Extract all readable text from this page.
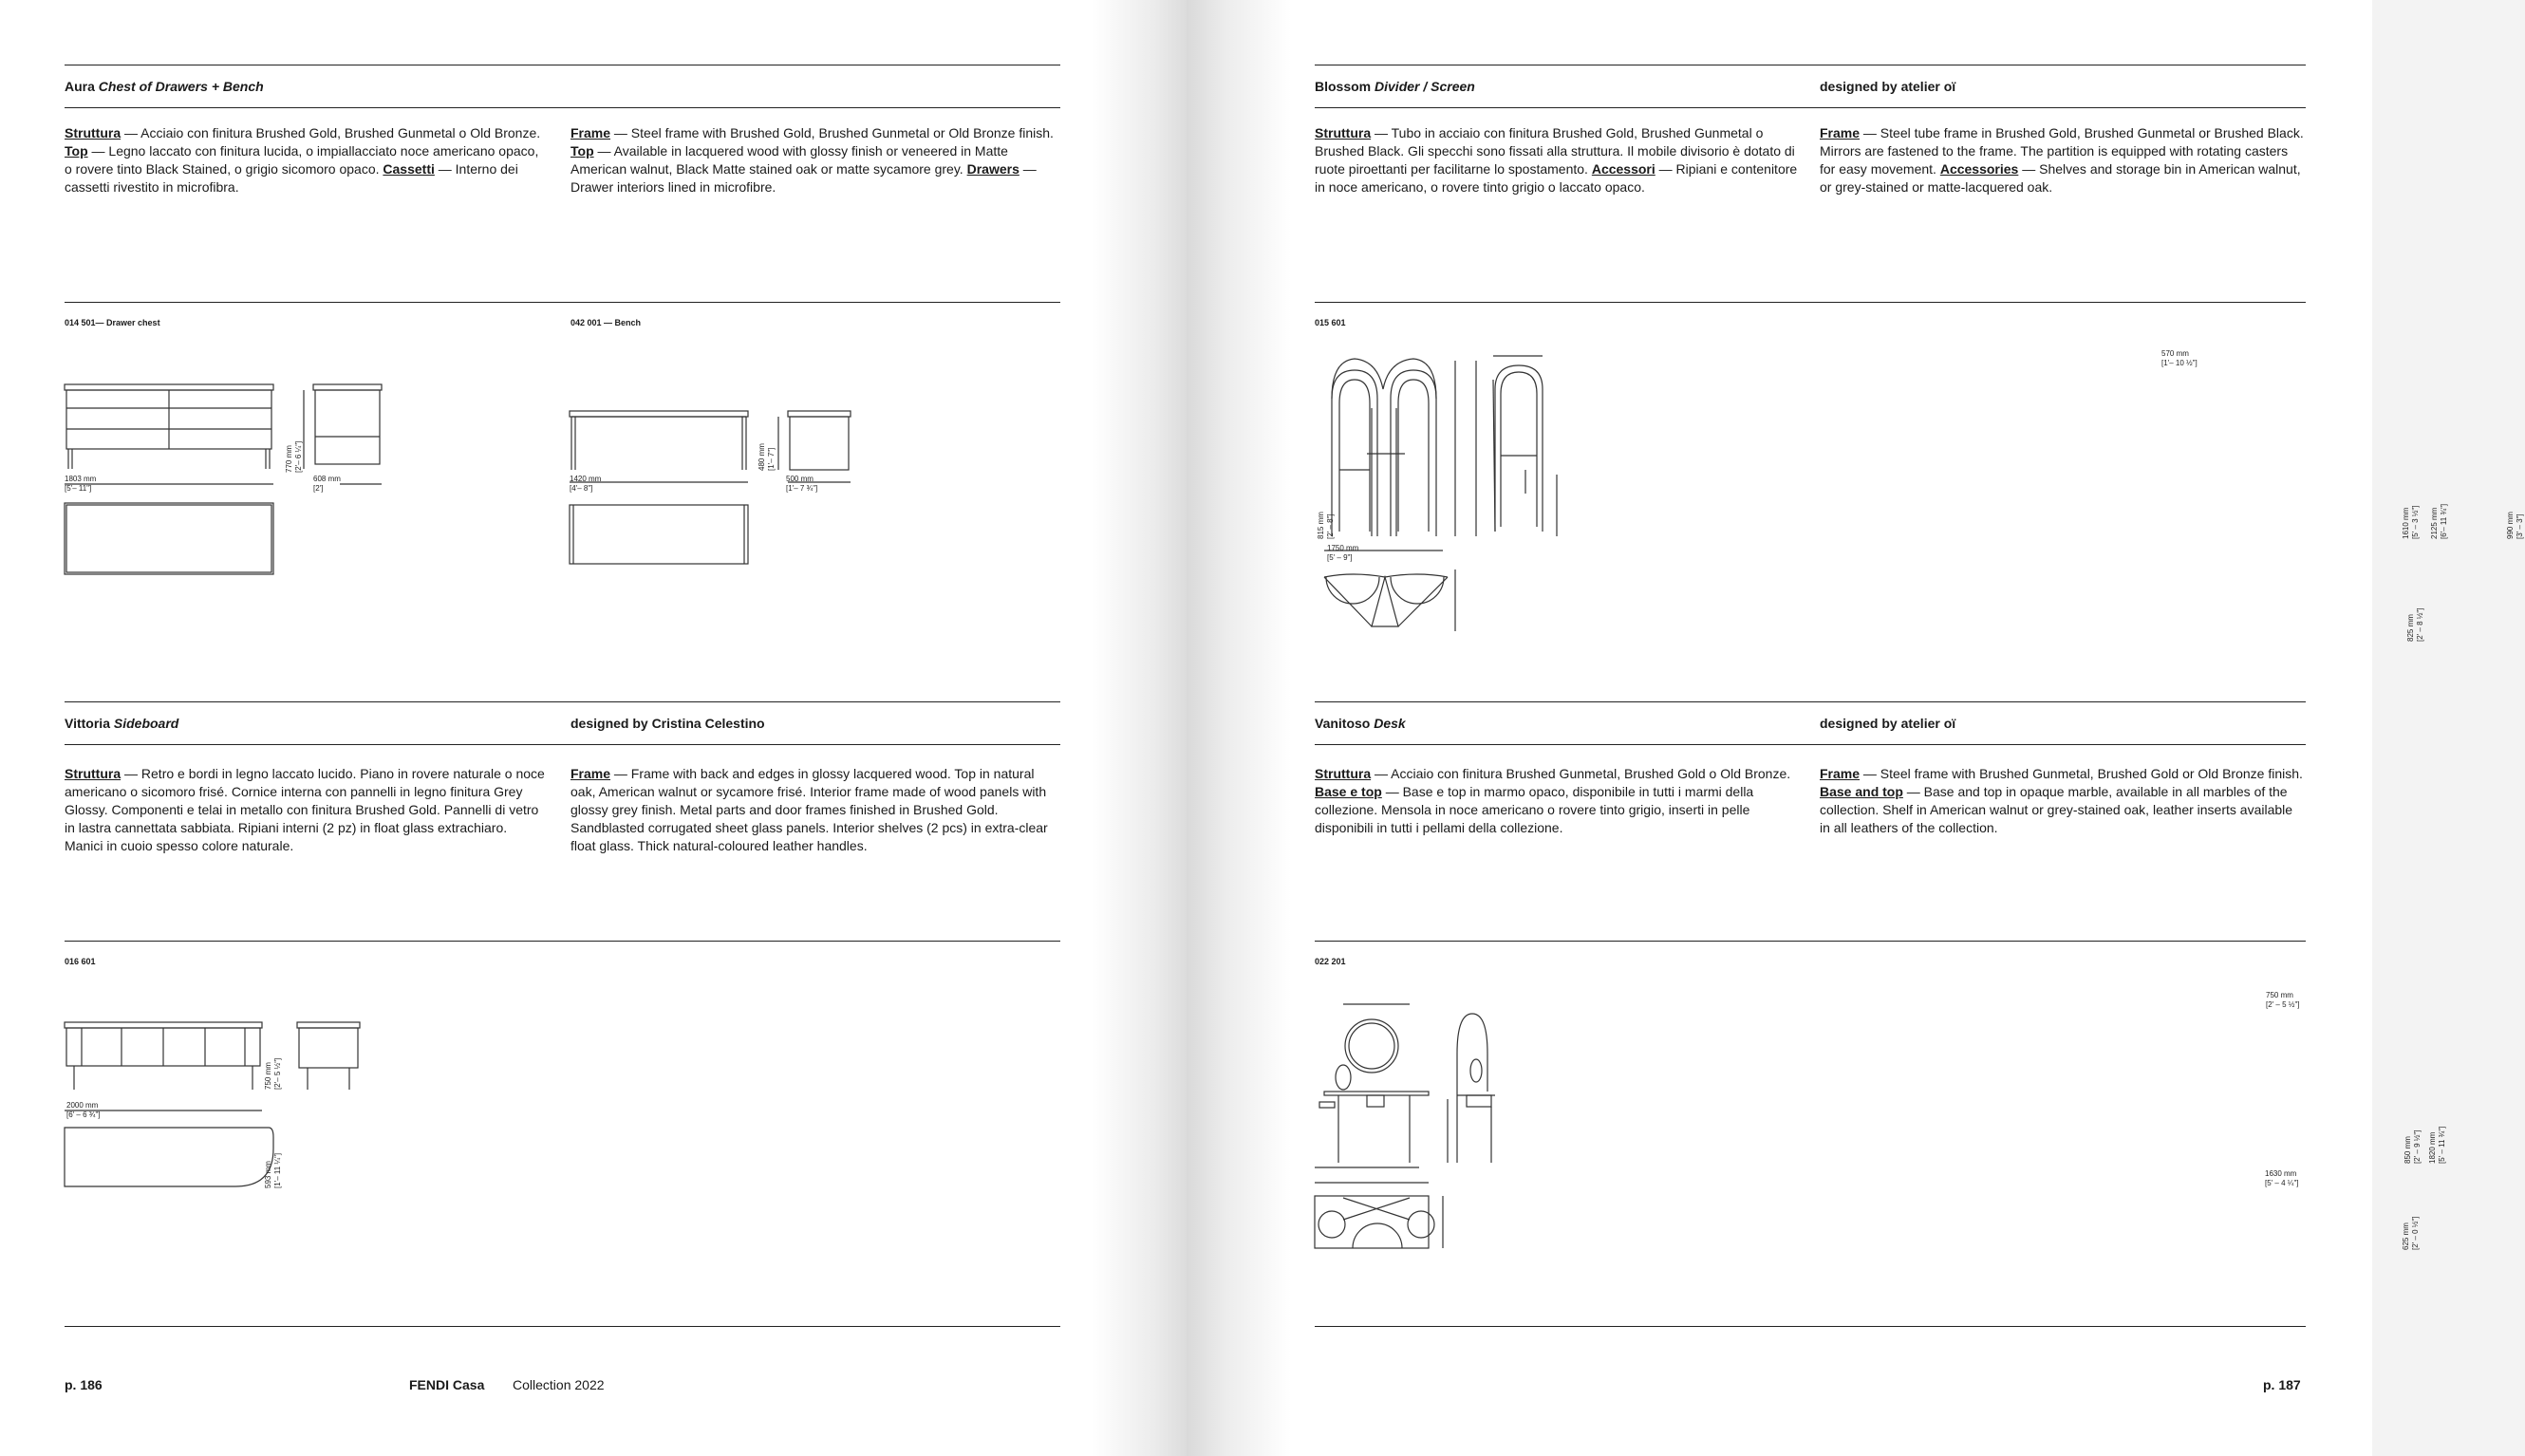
Aura Chest of Drawers + Bench
Struttura — Acciaio con finitura Brushed Gold, Brushed Gunmetal o Old Bronze. Top — Legno laccato con finitura lucida, o impiallacciato noce americano opaco, o rovere tinto Black Stained, o grigio sicomoro opaco. Cassetti — Interno dei cassetti rivestito in microfibra.
Frame — Steel frame with Brushed Gold, Brushed Gunmetal or Old Bronze finish. Top — Available in lacquered wood with glossy finish or veneered in Matte American walnut, Black Matte stained oak or matte sycamore grey. Drawers — Drawer interiors lined in microfibre.
014 501— Drawer chest	042 001 — Bench
1803 mm
[5'– 11"]
608 mm
[2']
770 mm [2'– 6 ¼"]
1420 mm
[4'– 8"]
500 mm
[1'– 7 ¾"]
480 mm [1'– 7"]
Vittoria Sideboard	designed by Cristina Celestino
Struttura — Retro e bordi in legno laccato lucido. Piano in rovere naturale o noce americano o sicomoro frisé. Cornice interna con pannelli in legno finitura Grey Glossy. Componenti e telai in metallo con finitura Brushed Gold. Pannelli di vetro in lastra cannettata sabbiata. Ripiani interni (2 pz) in float glass extrachiaro. Manici in cuoio spesso colore naturale.
Frame — Frame with back and edges in glossy lacquered wood. Top in natural oak, American walnut or sycamore frisé. Interior frame made of wood panels with glossy grey finish. Metal parts and door frames finished in Brushed Gold. Sandblasted corrugated sheet glass panels. Interior shelves (2 pcs) in extra-clear float glass. Thick natural-coloured leather handles.
016 601
2000 mm
[6' – 6 ¾"]
750 mm [2'– 5 ½"]
593 mm [1'– 11 ¼"]
p. 186	FENDI Casa Collection 2022
Blossom Divider / Screen	designed by atelier oï
Struttura — Tubo in acciaio con finitura Brushed Gold, Brushed Gunmetal o Brushed Black. Gli specchi sono fissati alla struttura. Il mobile divisorio è dotato di ruote piroettanti per facilitarne lo spostamento. Accessori — Ripiani e contenitore in noce americano, o rovere tinto grigio o laccato opaco.
Frame — Steel tube frame in Brushed Gold, Brushed Gunmetal or Brushed Black. Mirrors are fastened to the frame. The partition is equipped with rotating casters for easy movement. Accessories — Shelves and storage bin in American walnut, or grey-stained or matte-lacquered oak.
015 601
570 mm
[1'– 10 ½"]
1750 mm
[5' – 9"]
815 mm [2' – 8"]	1610 mm [5' – 3 ½"] 2125 mm [6'– 11 ¾"]	990 mm [3' – 3"]
825 mm [2' – 8 ½"]
Vanitoso Desk	designed by atelier oï
Struttura — Acciaio con finitura Brushed Gunmetal, Brushed Gold o Old Bronze. Base e top — Base e top in marmo opaco, disponibile in tutti i marmi della collezione. Mensola in noce americano o rovere tinto grigio, inserti in pelle disponibili in tutti i pellami della collezione.
Frame — Steel frame with Brushed Gunmetal, Brushed Gold or Old Bronze finish. Base and top — Base and top in opaque marble, available in all marbles of the collection. Shelf in American walnut or grey-stained oak, leather inserts available in all leathers of the collection.
022 201
750 mm
[2' – 5 ½"]
1630 mm
[5' – 4 ¼"]
850 mm [2' – 9 ½"] 1820 mm [5' – 11 ¾"]
625 mm [2' – 0 ½"]
p. 187
